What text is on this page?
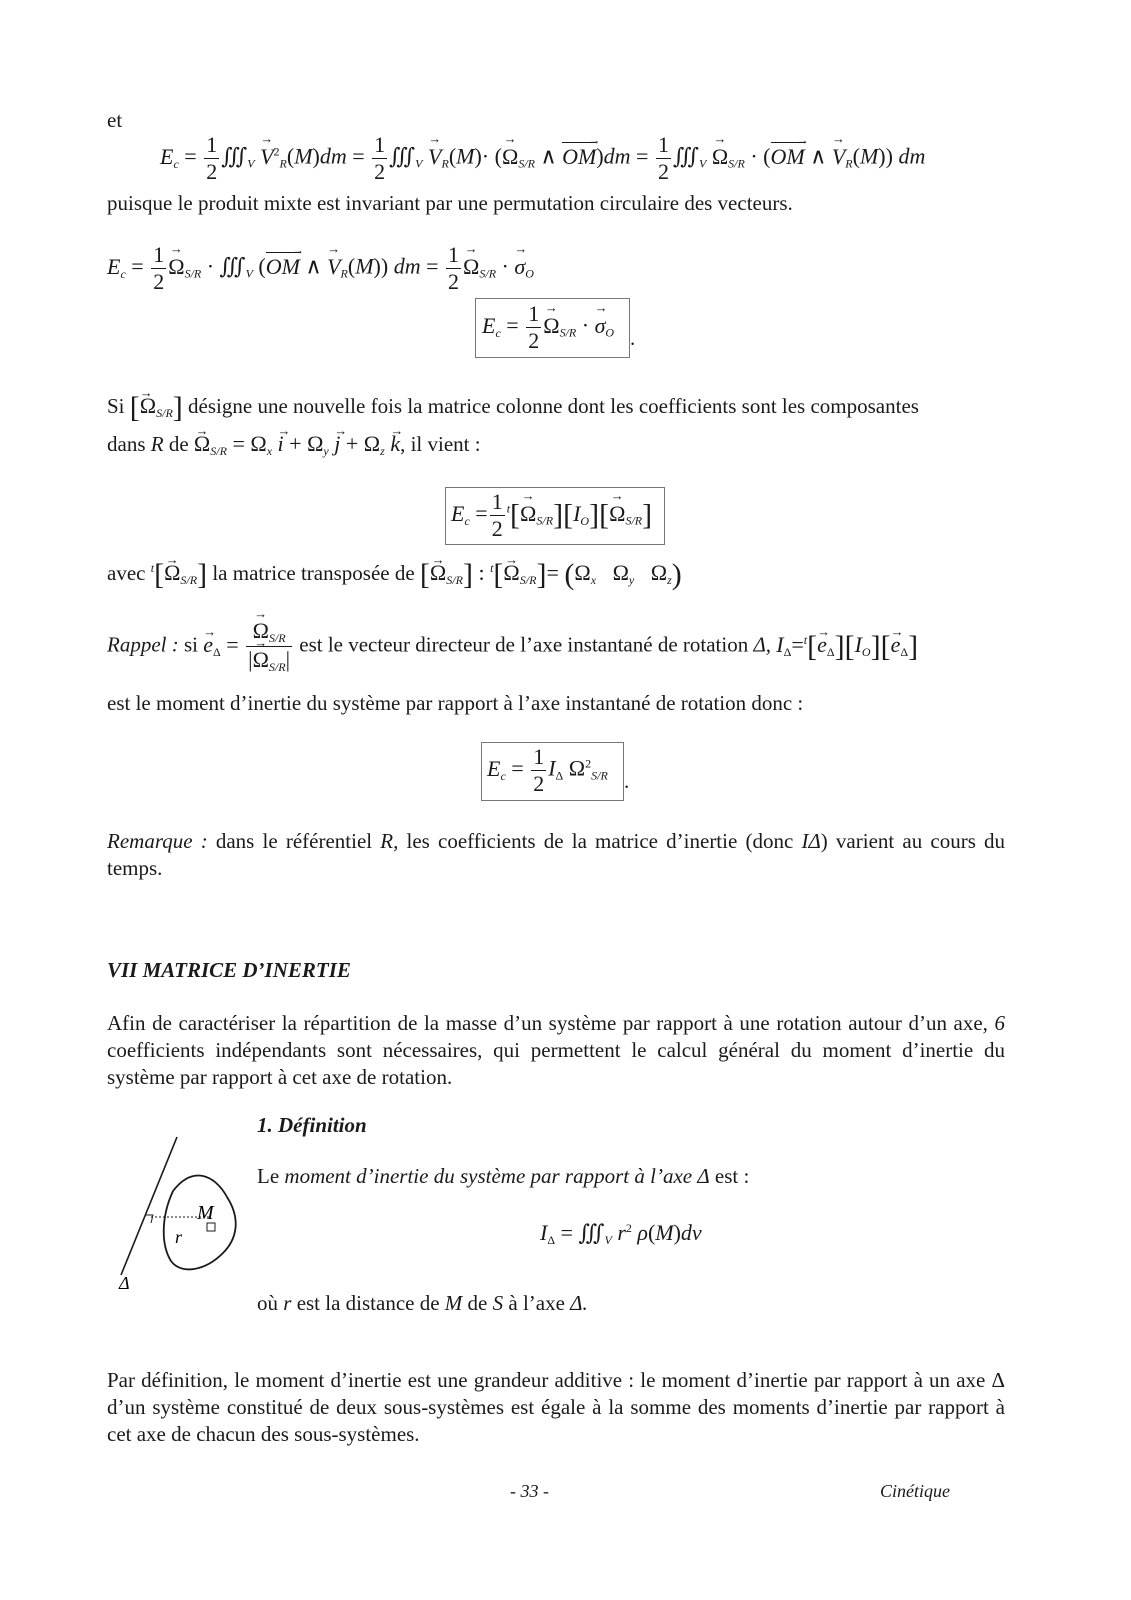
et
$E_c = \frac{1}{2}$ $∭_V \to V^2_R(M)dm = \frac{1}{2}$ $∭_V \to V_R(M)\cdot$ (→ $\Omega_{S/R}$ ∧ OM $\to)dm = \frac{1}{2}$ $∭_V \to \Omega_{S/R} \cdot (OM$ → ∧ → $V_R(M)$) dm
puisque le produit mixte est invariant par une permutation circulaire des vecteurs.
$E_c = \frac{1}{2}$
→ $\Omega_{S/R}$ · $∭_V$ (OM → ∧ → $V_R(M)$) dm = $\frac{1}{2}$
→ $\Omega_{S/R}$ · → $\sigma_O$
$E_c = \frac{1}{2}$
→ $\Omega_{S/R}$ · → $\sigma_O$ .
Si [→ $\Omega_{S/R}$] désigne une nouvelle fois la matrice colonne dont les coefficients sont les composantes
dans R de → $\Omega_{S/R} = \Omega_x \to i + \Omega_y \to j + \Omega_z \to k$, il vient :
$E_c = \frac{1}{2} ^t[\to \Omega_{S/R}][I_O][\to \Omega_{S/R}]$
avec $^t[\to \Omega_{S/R}]$ la matrice transposée de [→ $\Omega_{S/R}$] : $^t[\to \Omega_{S/R}]= (\Omega_x$   $\Omega_y$   $\Omega_z$)
Rappel : si → $e_\Delta$ =
→ $\frac{\Omega_{S/R}}{|\to \Omega_{S/R}|}$ est le vecteur directeur de l’axe instantané de rotation Δ, $I_\Delta=^t[\to e_\Delta][I_O][\to e_\Delta]$
est le moment d’inertie du système par rapport à l’axe instantané de rotation donc :
$E_c = \frac{1}{2} I_\Delta$ $\Omega^2_{S/R}$ .
Remarque : dans le référentiel R, les coefficients de la matrice d’inertie (donc IΔ) varient au cours du temps.
VII MATRICE D’INERTIE
Afin de caractériser la répartition de la masse d’un système par rapport à une rotation autour d’un axe, 6 coefficients indépendants sont nécessaires, qui permettent le calcul général du moment d’inertie du système par rapport à cet axe de rotation.
1. Définition
M
r
Δ
Le moment d’inertie du système par rapport à l’axe Δ est :
$I_\Delta$ = $∭_V$ $r^2$ ρ(M)dv
où r est la distance de M de S à l’axe Δ.
Par définition, le moment d’inertie est une grandeur additive : le moment d’inertie par rapport à un axe Δ d’un système constitué de deux sous-systèmes est égale à la somme des moments d’inertie par rapport à cet axe de chacun des sous-systèmes.
- 33 -	Cinétique
